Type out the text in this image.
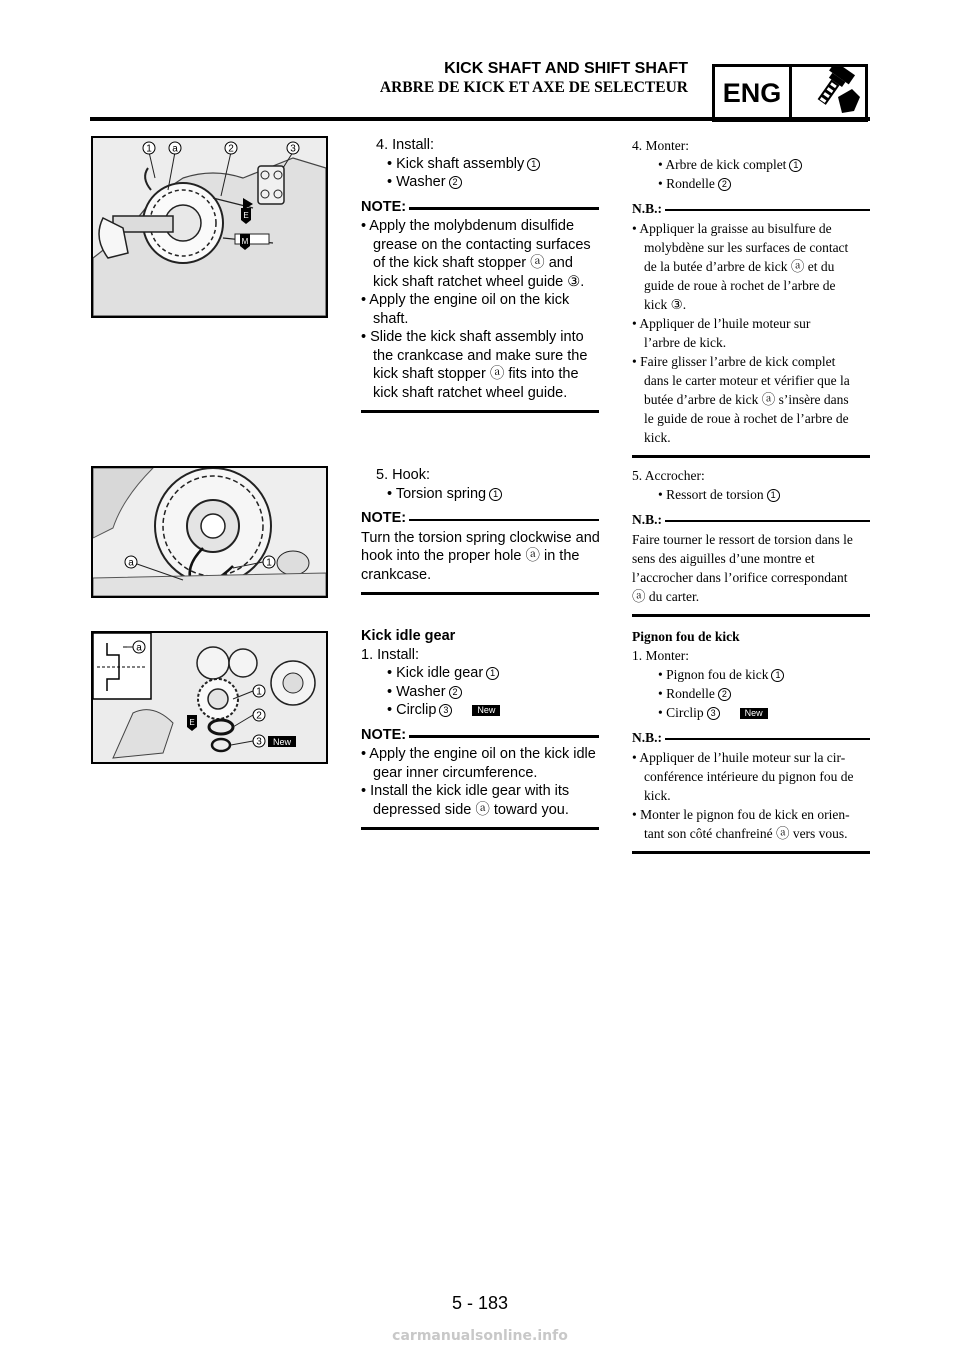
KICK SHAFT AND SHIFT SHAFT
ARBRE DE KICK ET AXE DE SELECTEUR ENG
1 a	2	3
E
M
4. Install:
• Kick shaft assembly 1
• Washer 2
NOTE:
• Apply the molybdenum disulfide
grease on the contacting surfaces
of the kick shaft stopper ⓐ and
kick shaft ratchet wheel guide ③.
• Apply the engine oil on the kick
shaft.
• Slide the kick shaft assembly into
the crankcase and make sure the
kick shaft stopper ⓐ fits into the
kick shaft ratchet wheel guide.
4. Monter:
• Arbre de kick complet 1
• Rondelle 2
N.B.:
• Appliquer la graisse au bisulfure de
molybdène sur les surfaces de contact
de la butée d’arbre de kick ⓐ et du
guide de roue à rochet de l’arbre de
kick ③.
• Appliquer de l’huile moteur sur
l’arbre de kick.
• Faire glisser l’arbre de kick complet
dans le carter moteur et vérifier que la
butée d’arbre de kick ⓐ s’insère dans
le guide de roue à rochet de l’arbre de
kick.
a	1
5. Hook:
• Torsion spring 1
NOTE:
Turn the torsion spring clockwise and
hook into the proper hole ⓐ in the
crankcase.
5. Accrocher:
• Ressort de torsion 1
N.B.:
Faire tourner le ressort de torsion dans le
sens des aiguilles d’une montre et
l’accrocher dans l’orifice correspondant
ⓐ du carter.
a
1
2
3
E
New
Kick idle gear
1. Install:
• Kick idle gear 1
• Washer 2
• Circlip 3	New
NOTE:
• Apply the engine oil on the kick idle
gear inner circumference.
• Install the kick idle gear with its
depressed side ⓐ toward you.
Pignon fou de kick
1. Monter:
• Pignon fou de kick 1
• Rondelle 2
• Circlip 3	New
N.B.:
• Appliquer de l’huile moteur sur la cir-
conférence intérieure du pignon fou de
kick.
• Monter le pignon fou de kick en orien-
tant son côté chanfreiné ⓐ vers vous.
5 - 183
carmanualsonline.info
